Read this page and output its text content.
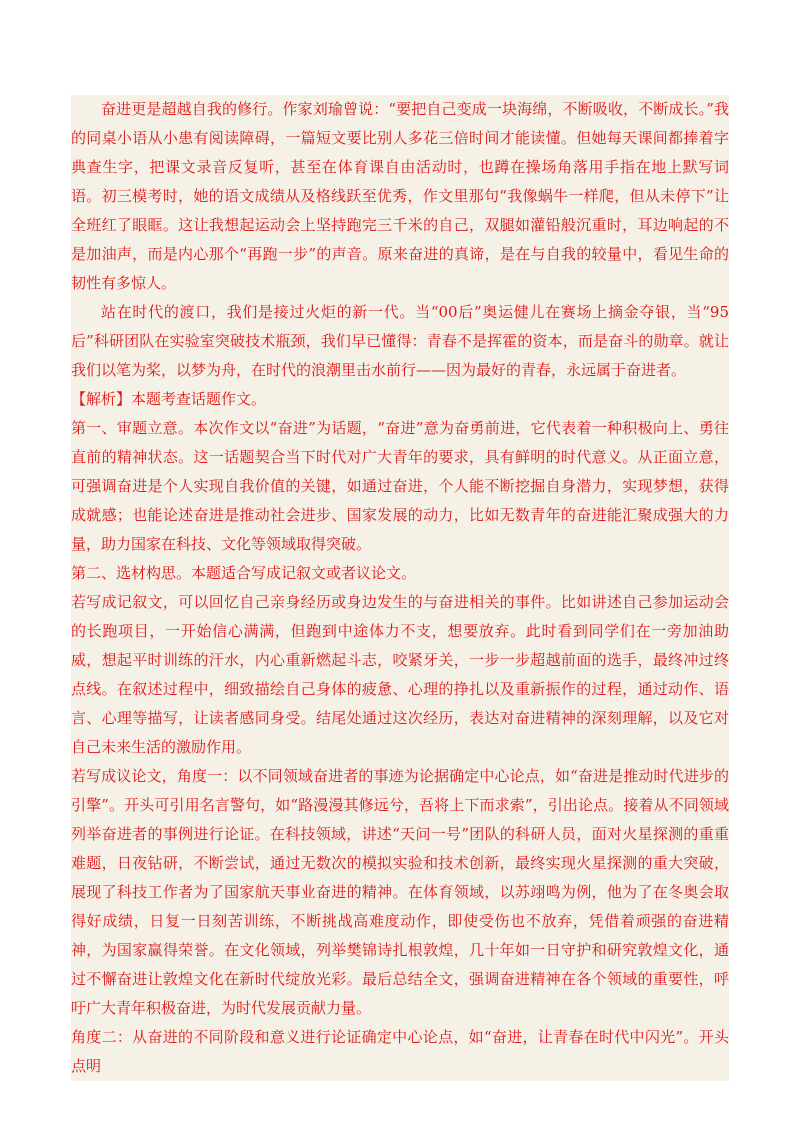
奋进更是超越自我的修行。作家刘瑜曾说：“要把自己变成一块海绵，不断吸收，不断成长。”我的同桌小语从小患有阅读障碍，一篇短文要比别人多花三倍时间才能读懂。但她每天课间都捧着字典查生字，把课文录音反复听，甚至在体育课自由活动时，也蹲在操场角落用手指在地上默写词语。初三模考时，她的语文成绩从及格线跃至优秀，作文里那句“我像蜗牛一样爬，但从未停下”让全班红了眼眶。这让我想起运动会上坚持跑完三千米的自己，双腿如灌铅般沉重时，耳边响起的不是加油声，而是内心那个“再跑一步”的声音。原来奋进的真谛，是在与自我的较量中，看见生命的韧性有多惊人。

站在时代的渡口，我们是接过火炬的新一代。当“00后”奥运健儿在赛场上摘金夺银，当“95后”科研团队在实验室突破技术瓶颈，我们早已懂得：青春不是挥霍的资本，而是奋斗的勋章。就让我们以笔为桨，以梦为舟，在时代的浪潮里击水前行——因为最好的青春，永远属于奋进者。

【解析】本题考查话题作文。

第一、审题立意。本次作文以“奋进”为话题，“奋进”意为奋勇前进，它代表着一种积极向上、勇往直前的精神状态。这一话题契合当下时代对广大青年的要求，具有鲜明的时代意义。从正面立意，可强调奋进是个人实现自我价值的关键，如通过奋进，个人能不断挖掘自身潜力，实现梦想，获得成就感；也能论述奋进是推动社会进步、国家发展的动力，比如无数青年的奋进能汇聚成强大的力量，助力国家在科技、文化等领域取得突破。

第二、选材构思。本题适合写成记叙文或者议论文。

若写成记叙文，可以回忆自己亲身经历或身边发生的与奋进相关的事件。比如讲述自己参加运动会的长跑项目，一开始信心满满，但跑到中途体力不支，想要放弃。此时看到同学们在一旁加油助威，想起平时训练的汗水，内心重新燃起斗志，咬紧牙关，一步一步超越前面的选手，最终冲过终点线。在叙述过程中，细致描绘自己身体的疲惫、心理的挣扎以及重新振作的过程，通过动作、语言、心理等描写，让读者感同身受。结尾处通过这次经历，表达对奋进精神的深刻理解，以及它对自己未来生活的激励作用。

若写成议论文，角度一：以不同领域奋进者的事迹为论据确定中心论点，如“奋进是推动时代进步的引擎”。开头可引用名言警句，如“路漫漫其修远兮，吾将上下而求索”，引出论点。接着从不同领域列举奋进者的事例进行论证。在科技领域，讲述“天问一号”团队的科研人员，面对火星探测的重重难题，日夜钻研，不断尝试，通过无数次的模拟实验和技术创新，最终实现火星探测的重大突破，展现了科技工作者为了国家航天事业奋进的精神。在体育领域，以苏翊鸣为例，他为了在冬奥会取得好成绩，日复一日刻苦训练，不断挑战高难度动作，即使受伤也不放弃，凭借着顽强的奋进精神，为国家赢得荣誉。在文化领域，列举樊锦诗扎根敦煌，几十年如一日守护和研究敦煌文化，通过不懈奋进让敦煌文化在新时代绽放光彩。最后总结全文，强调奋进精神在各个领域的重要性，呼吁广大青年积极奋进，为时代发展贡献力量。

角度二：从奋进的不同阶段和意义进行论证确定中心论点，如“奋进，让青春在时代中闪光”。开头点明
